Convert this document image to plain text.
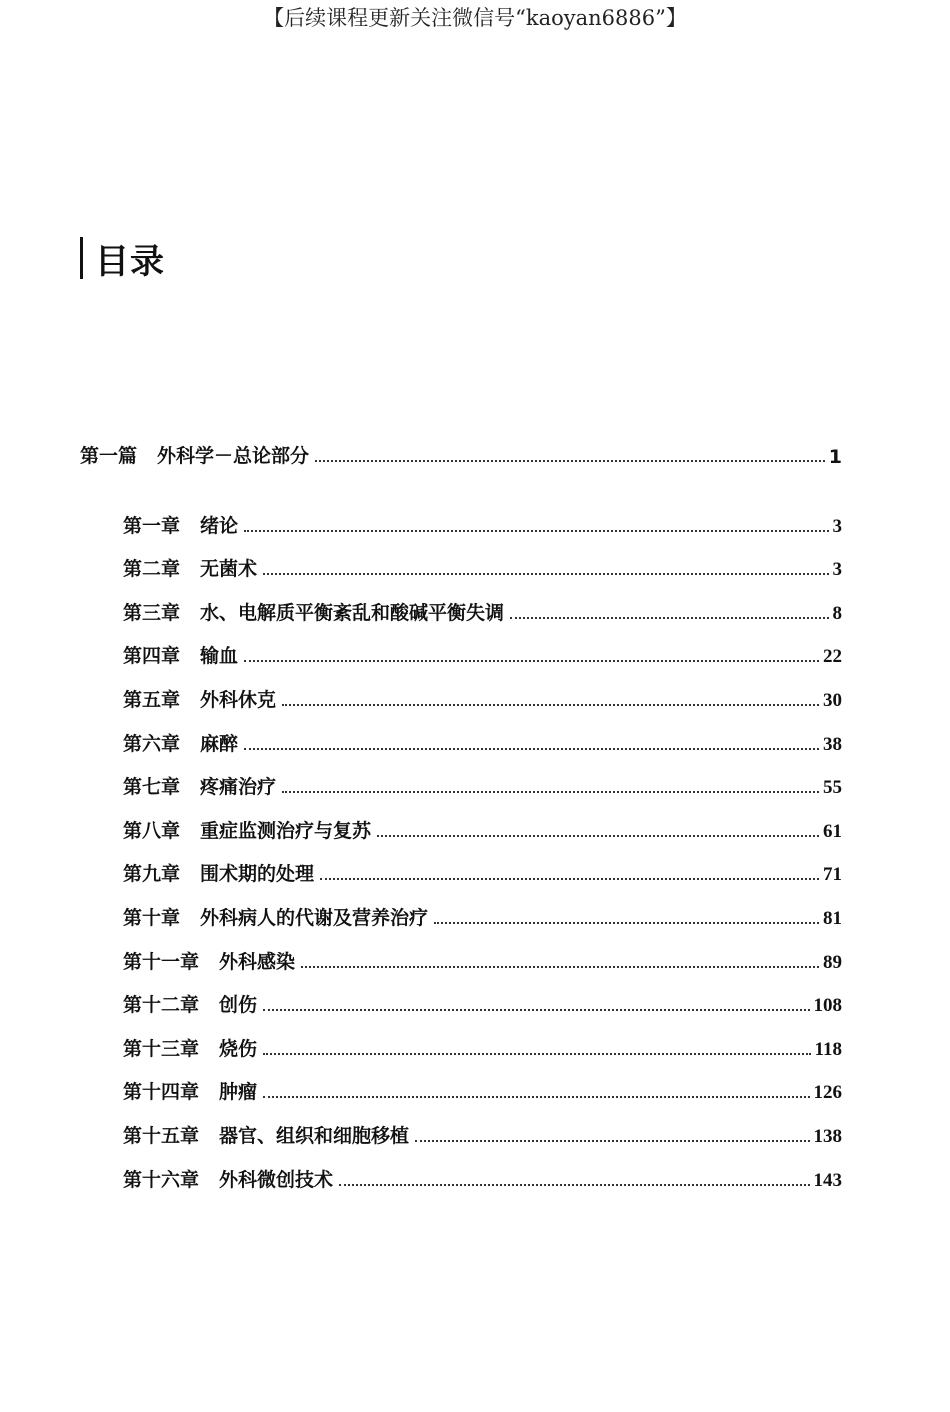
【后续课程更新关注微信号“kaoyan6886”】
目录
第一篇 外科学－总论部分	1
第一章 绪论	3
第二章 无菌术	3
第三章 水、电解质平衡紊乱和酸碱平衡失调	8
第四章 输血	22
第五章 外科休克	30
第六章 麻醉	38
第七章 疼痛治疗	55
第八章 重症监测治疗与复苏	61
第九章 围术期的处理	71
第十章 外科病人的代谢及营养治疗	81
第十一章 外科感染	89
第十二章 创伤	108
第十三章 烧伤	118
第十四章 肿瘤	126
第十五章 器官、组织和细胞移植	138
第十六章 外科微创技术	143
